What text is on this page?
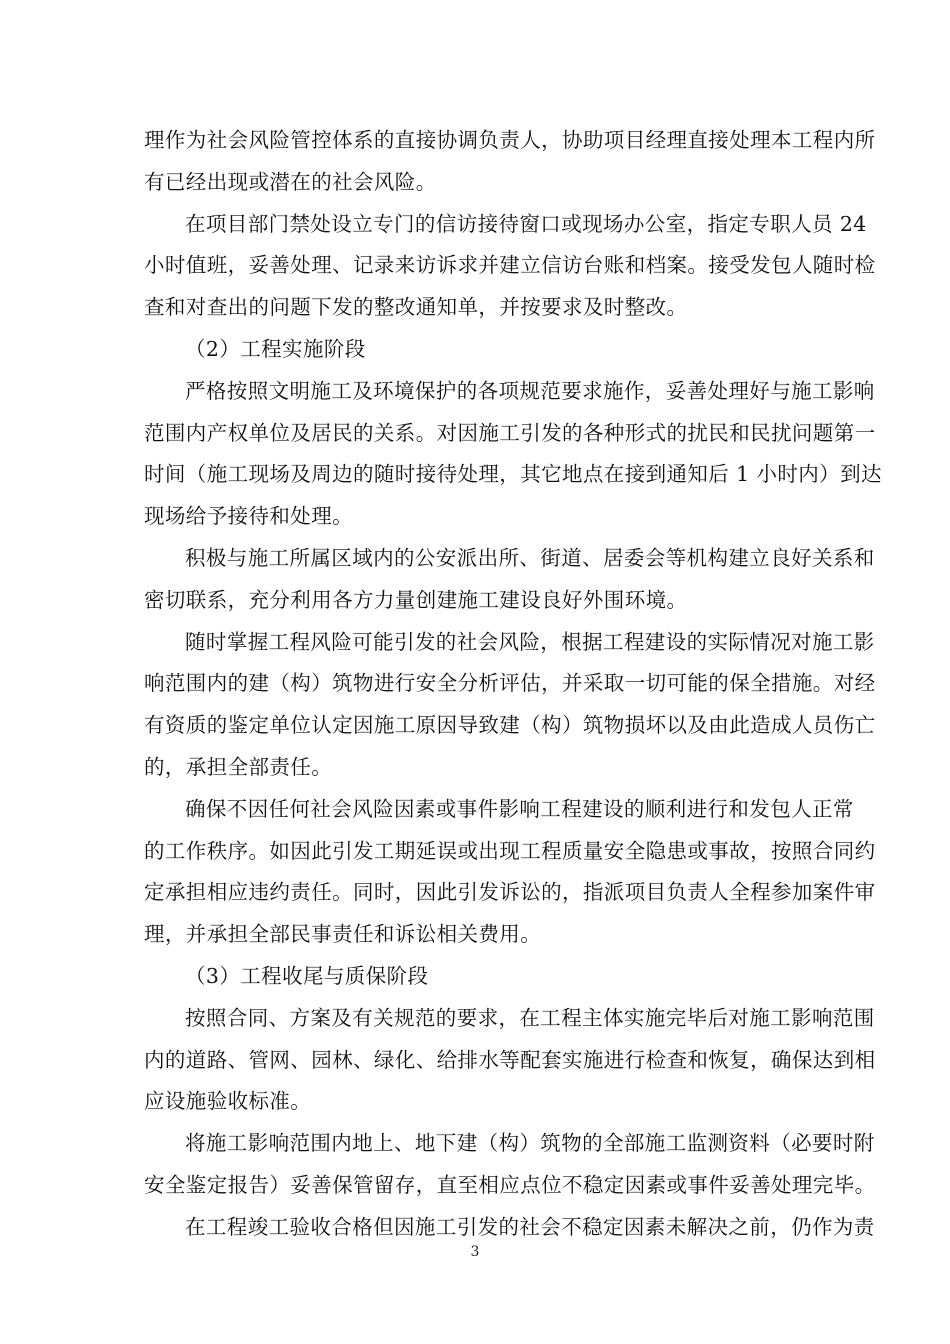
理作为社会风险管控体系的直接协调负责人，协助项目经理直接处理本工程内所
有已经出现或潜在的社会风险。

在项目部门禁处设立专门的信访接待窗口或现场办公室，指定专职人员 24
小时值班，妥善处理、记录来访诉求并建立信访台账和档案。接受发包人随时检
查和对查出的问题下发的整改通知单，并按要求及时整改。

（2）工程实施阶段

严格按照文明施工及环境保护的各项规范要求施作，妥善处理好与施工影响
范围内产权单位及居民的关系。对因施工引发的各种形式的扰民和民扰问题第一
时间（施工现场及周边的随时接待处理，其它地点在接到通知后 1 小时内）到达
现场给予接待和处理。

积极与施工所属区域内的公安派出所、街道、居委会等机构建立良好关系和
密切联系，充分利用各方力量创建施工建设良好外围环境。

随时掌握工程风险可能引发的社会风险，根据工程建设的实际情况对施工影
响范围内的建（构）筑物进行安全分析评估，并采取一切可能的保全措施。对经
有资质的鉴定单位认定因施工原因导致建（构）筑物损坏以及由此造成人员伤亡
的，承担全部责任。

确保不因任何社会风险因素或事件影响工程建设的顺利进行和发包人正常
的工作秩序。如因此引发工期延误或出现工程质量安全隐患或事故，按照合同约
定承担相应违约责任。同时，因此引发诉讼的，指派项目负责人全程参加案件审
理，并承担全部民事责任和诉讼相关费用。

（3）工程收尾与质保阶段

按照合同、方案及有关规范的要求，在工程主体实施完毕后对施工影响范围
内的道路、管网、园林、绿化、给排水等配套实施进行检查和恢复，确保达到相
应设施验收标准。

将施工影响范围内地上、地下建（构）筑物的全部施工监测资料（必要时附
安全鉴定报告）妥善保管留存，直至相应点位不稳定因素或事件妥善处理完毕。

在工程竣工验收合格但因施工引发的社会不稳定因素未解决之前，仍作为责

3
